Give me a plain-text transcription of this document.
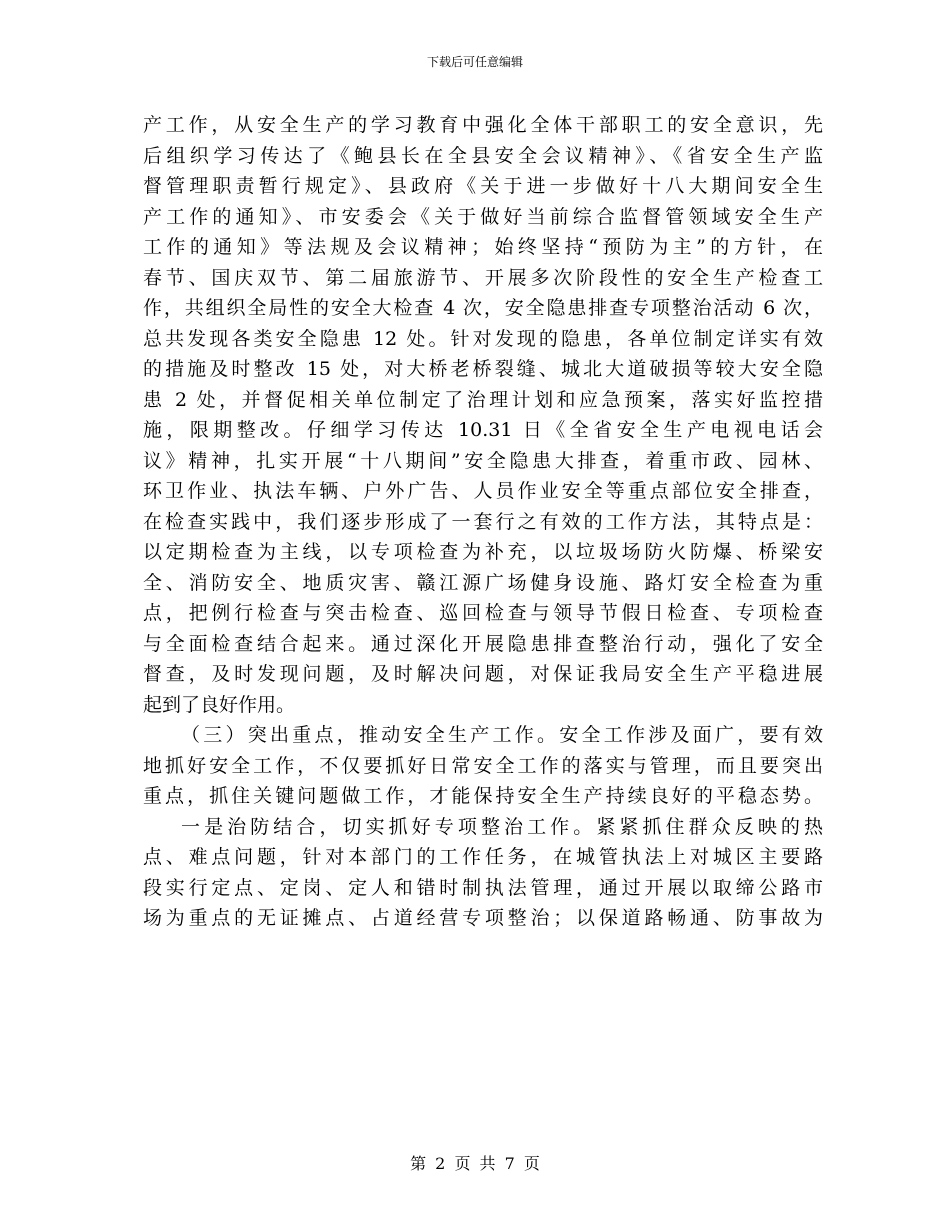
下载后可任意编辑
产工作，从安全生产的学习教育中强化全体干部职工的安全意识，先
后组织学习传达了《鲍县长在全县安全会议精神》、《省安全生产监
督管理职责暂行规定》、县政府《关于进一步做好十八大期间安全生
产工作的通知》、市安委会《关于做好当前综合监督管领域安全生产
工作的通知》等法规及会议精神；始终坚持“预防为主”的方针，在
春节、国庆双节、第二届旅游节、开展多次阶段性的安全生产检查工
作，共组织全局性的安全大检查 4 次，安全隐患排查专项整治活动 6 次，
总共发现各类安全隐患 12 处。针对发现的隐患，各单位制定详实有效
的措施及时整改 15 处，对大桥老桥裂缝、城北大道破损等较大安全隐
患 2 处，并督促相关单位制定了治理计划和应急预案，落实好监控措
施，限期整改。仔细学习传达 10.31 日《全省安全生产电视电话会
议》精神，扎实开展“十八期间”安全隐患大排查，着重市政、园林、
环卫作业、执法车辆、户外广告、人员作业安全等重点部位安全排查，
在检查实践中，我们逐步形成了一套行之有效的工作方法，其特点是：
以定期检查为主线，以专项检查为补充，以垃圾场防火防爆、桥梁安
全、消防安全、地质灾害、赣江源广场健身设施、路灯安全检查为重
点，把例行检查与突击检查、巡回检查与领导节假日检查、专项检查
与全面检查结合起来。通过深化开展隐患排查整治行动，强化了安全
督查，及时发现问题，及时解决问题，对保证我局安全生产平稳进展
起到了良好作用。
（三）突出重点，推动安全生产工作。安全工作涉及面广，要有效
地抓好安全工作，不仅要抓好日常安全工作的落实与管理，而且要突出
重点，抓住关键问题做工作，才能保持安全生产持续良好的平稳态势。
一是治防结合，切实抓好专项整治工作。紧紧抓住群众反映的热
点、难点问题，针对本部门的工作任务，在城管执法上对城区主要路
段实行定点、定岗、定人和错时制执法管理，通过开展以取缔公路市
场为重点的无证摊点、占道经营专项整治；以保道路畅通、防事故为
第 2 页 共 7 页
